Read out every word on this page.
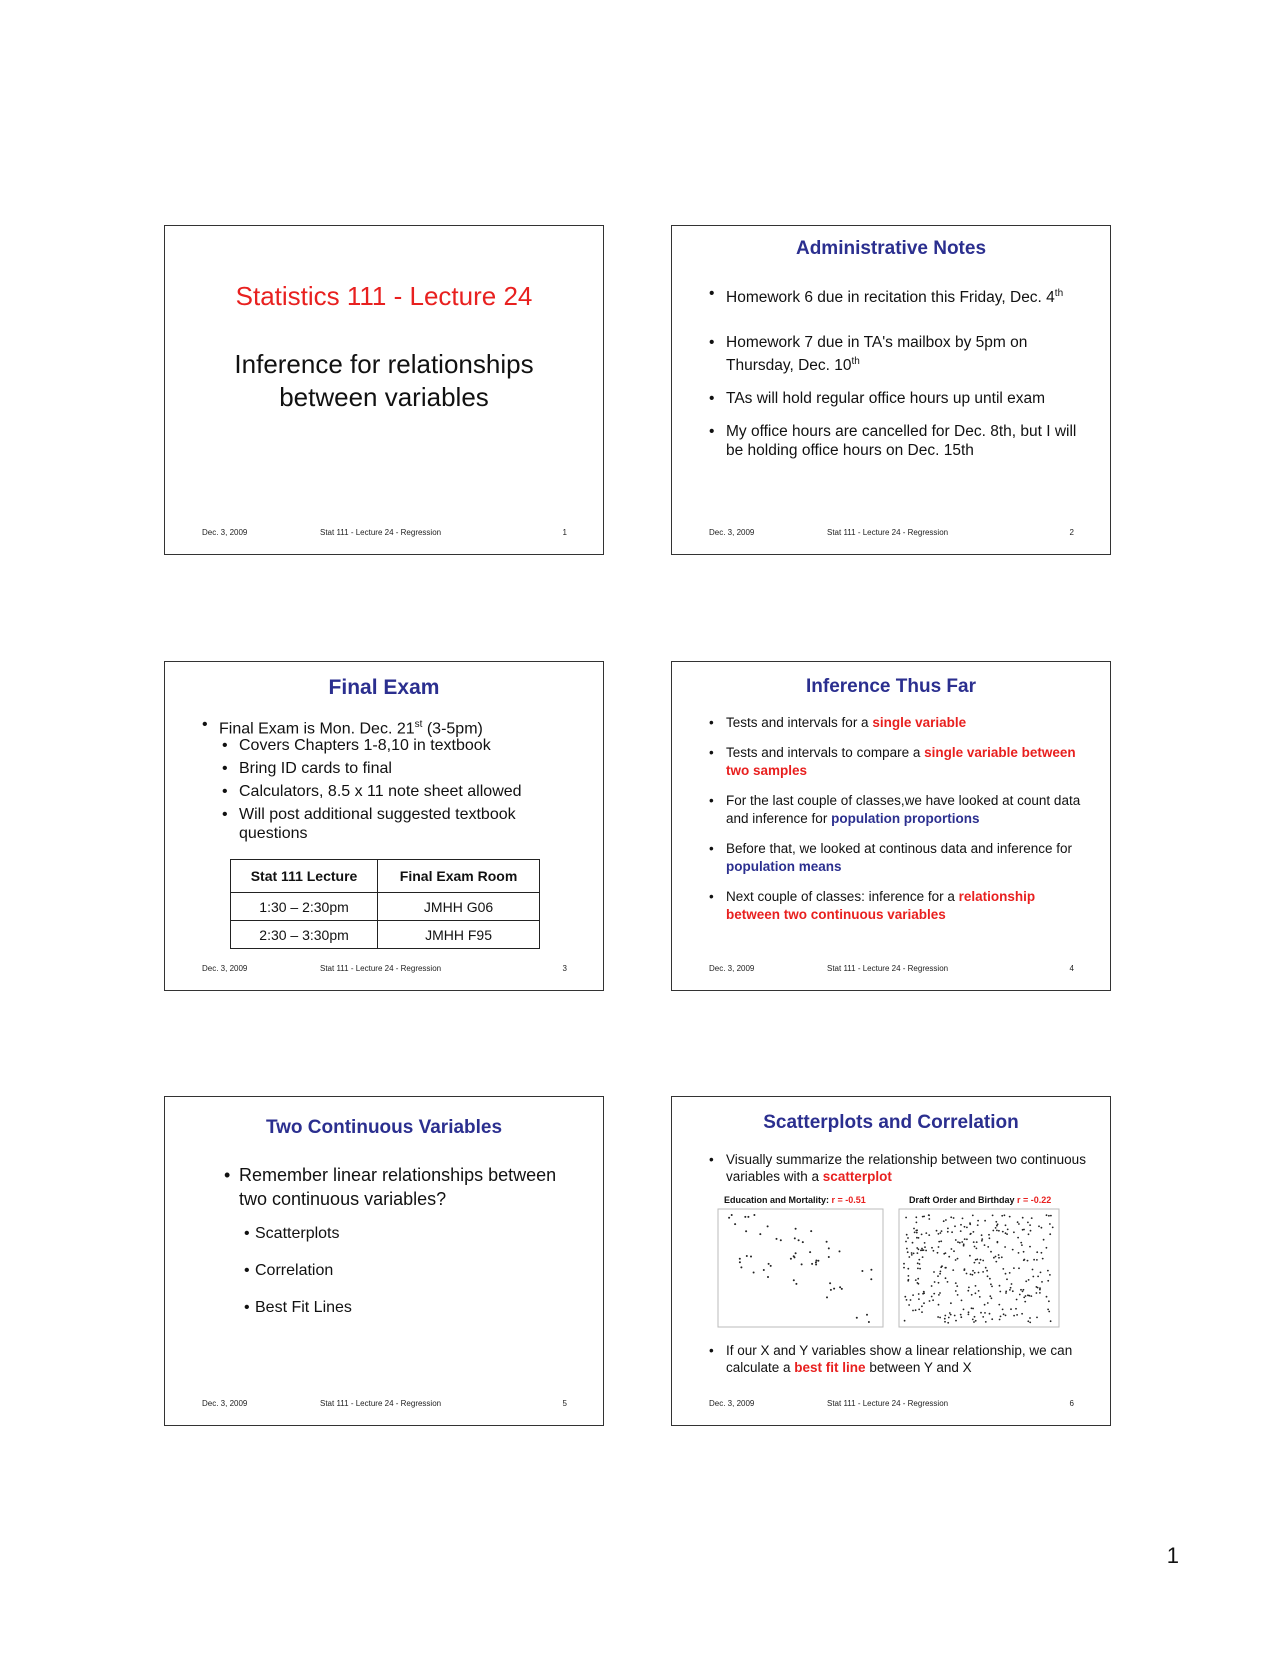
Statistics 111 - Lecture 24
Inference for relationships
between variables
Dec. 3, 2009	Stat 111 - Lecture 24 - Regression	1
Administrative Notes
• Homework 6 due in recitation this Friday, Dec. 4th
• Homework 7 due in TA's mailbox by 5pm on Thursday, Dec. 10th
• TAs will hold regular office hours up until exam
• My office hours are cancelled for Dec. 8th, but I will be holding office hours on Dec. 15th
Dec. 3, 2009	Stat 111 - Lecture 24 - Regression	2
Final Exam
• Final Exam is Mon. Dec. 21st (3-5pm)
• Covers Chapters 1-8,10 in textbook
• Bring ID cards to final
• Calculators, 8.5 x 11 note sheet allowed
• Will post additional suggested textbook questions
Stat 111 Lecture	Final Exam Room
1:30 – 2:30pm	JMHH G06
2:30 – 3:30pm	JMHH F95
Dec. 3, 2009	Stat 111 - Lecture 24 - Regression	3
Inference Thus Far
• Tests and intervals for a single variable
• Tests and intervals to compare a single variable between two samples
• For the last couple of classes,we have looked at count data and inference for population proportions
• Before that, we looked at continous data and inference for population means
• Next couple of classes: inference for a relationship between two continuous variables
Dec. 3, 2009	Stat 111 - Lecture 24 - Regression	4
Two Continuous Variables
• Remember linear relationships between two continuous variables?
• Scatterplots
• Correlation
• Best Fit Lines
Dec. 3, 2009	Stat 111 - Lecture 24 - Regression	5
Scatterplots and Correlation
• Visually summarize the relationship between two continuous variables with a scatterplot
Education and Mortality: r = -0.51	Draft Order and Birthday r = -0.22
• If our X and Y variables show a linear relationship, we can calculate a best fit line between Y and X
Dec. 3, 2009	Stat 111 - Lecture 24 - Regression	6
1
